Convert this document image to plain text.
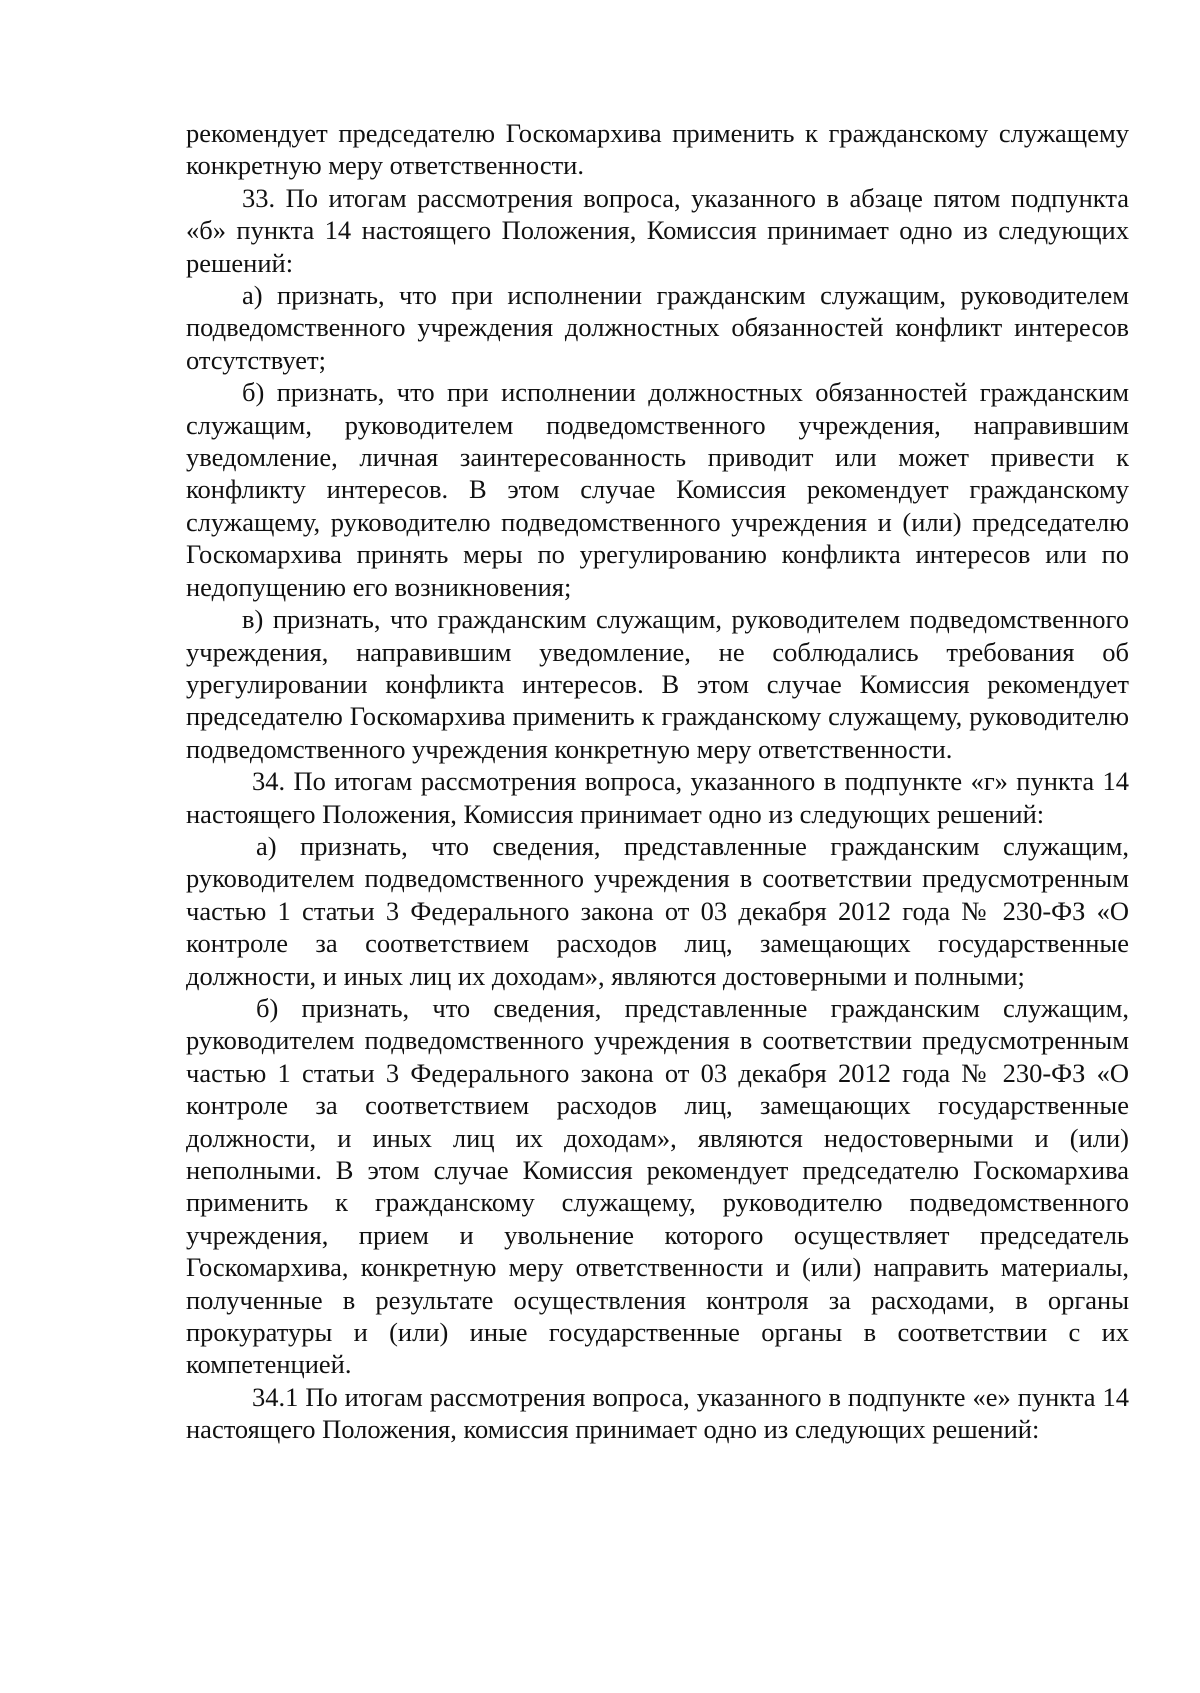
рекомендует председателю Госкомархива применить к гражданскому служащему конкретную меру ответственности.

33. По итогам рассмотрения вопроса, указанного в абзаце пятом подпункта «б» пункта 14 настоящего Положения, Комиссия принимает одно из следующих решений:

а) признать, что при исполнении гражданским служащим, руководителем подведомственного учреждения должностных обязанностей конфликт интересов отсутствует;

б) признать, что при исполнении должностных обязанностей гражданским служащим, руководителем подведомственного учреждения, направившим уведомление, личная заинтересованность приводит или может привести к конфликту интересов. В этом случае Комиссия рекомендует гражданскому служащему, руководителю подведомственного учреждения и (или) председателю Госкомархива принять меры по урегулированию конфликта интересов или по недопущению его возникновения;

в) признать, что гражданским служащим, руководителем подведомственного учреждения, направившим уведомление, не соблюдались требования об урегулировании конфликта интересов. В этом случае Комиссия рекомендует председателю Госкомархива применить к гражданскому служащему, руководителю подведомственного учреждения конкретную меру ответственности.

34. По итогам рассмотрения вопроса, указанного в подпункте «г» пункта 14 настоящего Положения, Комиссия принимает одно из следующих решений:

а) признать, что сведения, представленные гражданским служащим, руководителем подведомственного учреждения в соответствии предусмотренным частью 1 статьи 3 Федерального закона от 03 декабря 2012 года № 230-ФЗ «О контроле за соответствием расходов лиц, замещающих государственные должности, и иных лиц их доходам», являются достоверными и полными;

б) признать, что сведения, представленные гражданским служащим, руководителем подведомственного учреждения в соответствии предусмотренным частью 1 статьи 3 Федерального закона от 03 декабря 2012 года № 230-ФЗ «О контроле за соответствием расходов лиц, замещающих государственные должности, и иных лиц их доходам», являются недостоверными и (или) неполными. В этом случае Комиссия рекомендует председателю Госкомархива применить к гражданскому служащему, руководителю подведомственного учреждения, прием и увольнение которого осуществляет председатель Госкомархива, конкретную меру ответственности и (или) направить материалы, полученные в результате осуществления контроля за расходами, в органы прокуратуры и (или) иные государственные органы в соответствии с их компетенцией.

34.1 По итогам рассмотрения вопроса, указанного в подпункте «е» пункта 14 настоящего Положения, комиссия принимает одно из следующих решений:
